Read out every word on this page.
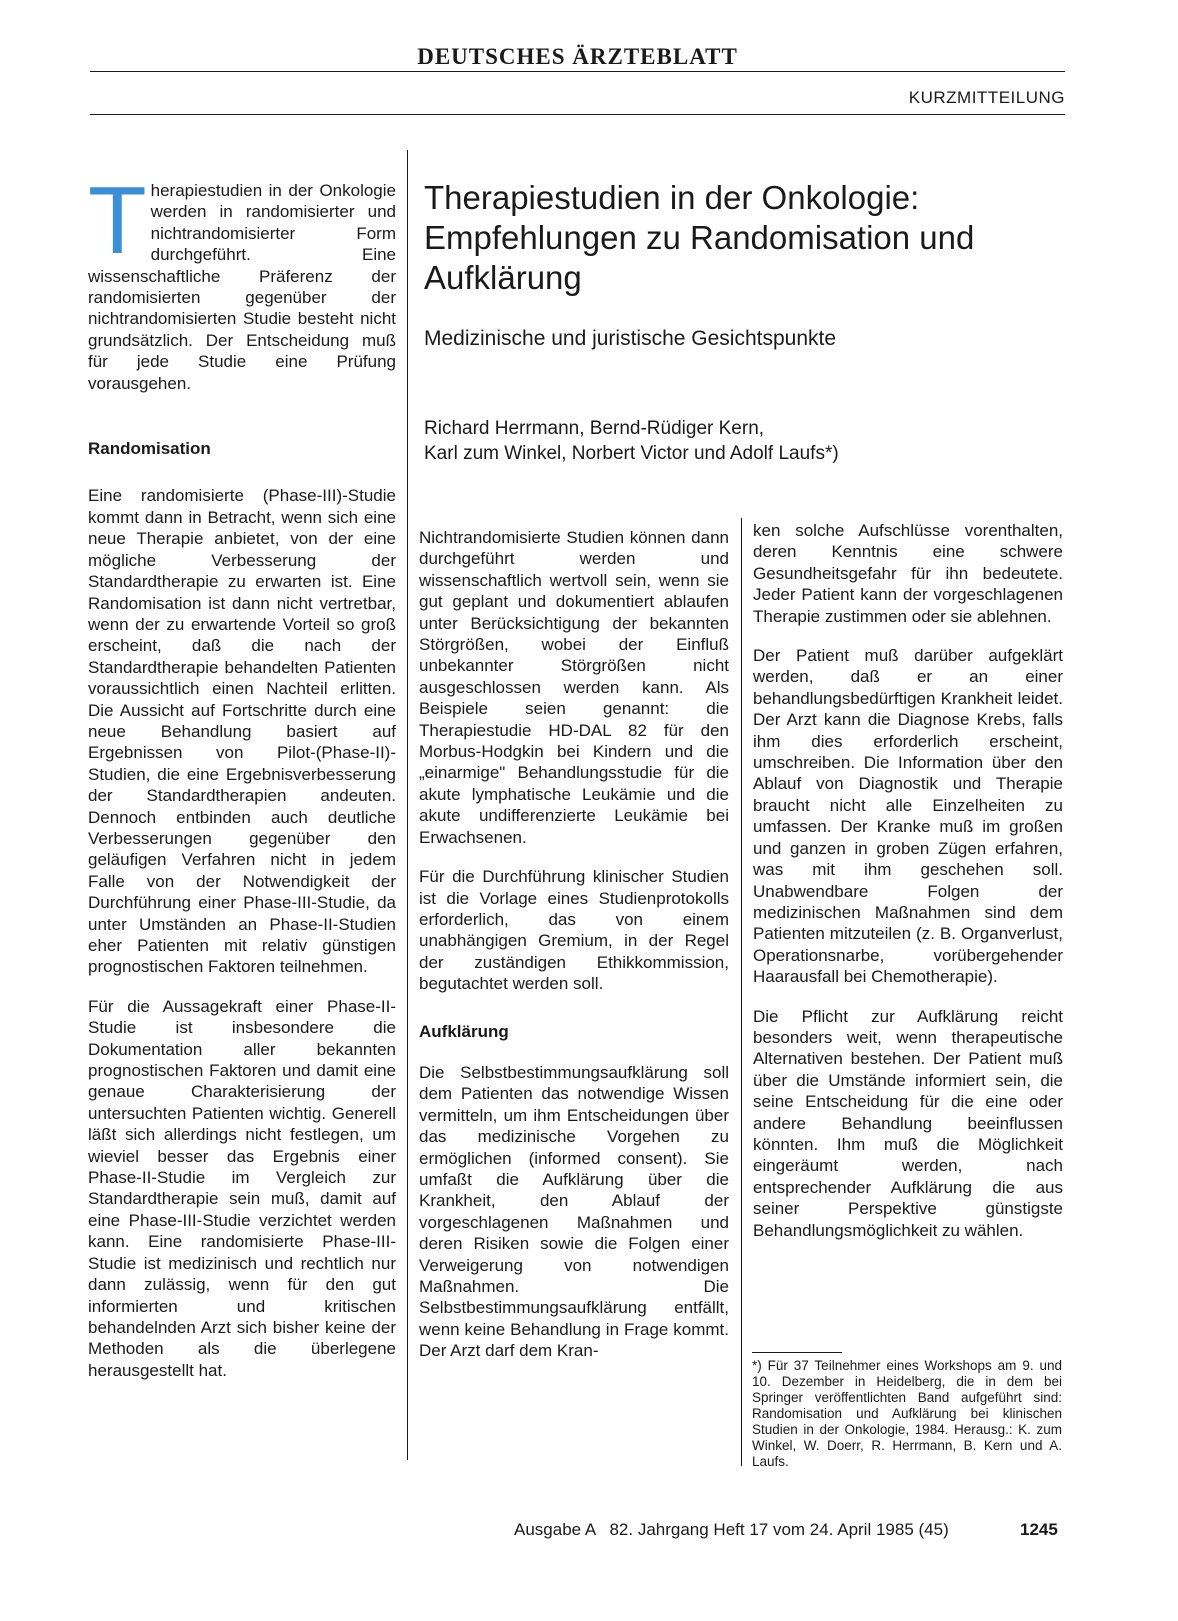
DEUTSCHES ÄRZTEBLATT
KURZMITTEILUNG

Therapiestudien in der Onkologie werden in randomisierter und nichtrandomisierter Form durchgeführt. Eine wissenschaftliche Präferenz der randomisierten gegenüber der nichtrandomisierten Studie besteht nicht grundsätzlich. Der Entscheidung muß für jede Studie eine Prüfung vorausgehen.

Randomisation

Eine randomisierte (Phase-III)-Studie kommt dann in Betracht, wenn sich eine neue Therapie anbietet, von der eine mögliche Verbesserung der Standardtherapie zu erwarten ist. Eine Randomisation ist dann nicht vertretbar, wenn der zu erwartende Vorteil so groß erscheint, daß die nach der Standardtherapie behandelten Patienten voraussichtlich einen Nachteil erlitten. Die Aussicht auf Fortschritte durch eine neue Behandlung basiert auf Ergebnissen von Pilot-(Phase-II)-Studien, die eine Ergebnisverbesserung der Standardtherapien andeuten. Dennoch entbinden auch deutliche Verbesserungen gegenüber den geläufigen Verfahren nicht in jedem Falle von der Notwendigkeit der Durchführung einer Phase-III-Studie, da unter Umständen an Phase-II-Studien eher Patienten mit relativ günstigen prognostischen Faktoren teilnehmen.

Für die Aussagekraft einer Phase-II-Studie ist insbesondere die Dokumentation aller bekannten prognostischen Faktoren und damit eine genaue Charakterisierung der untersuchten Patienten wichtig. Generell läßt sich allerdings nicht festlegen, um wieviel besser das Ergebnis einer Phase-II-Studie im Vergleich zur Standardtherapie sein muß, damit auf eine Phase-III-Studie verzichtet werden kann. Eine randomisierte Phase-III-Studie ist medizinisch und rechtlich nur dann zulässig, wenn für den gut informierten und kritischen behandelnden Arzt sich bisher keine der Methoden als die überlegene herausgestellt hat.

Therapiestudien in der Onkologie: Empfehlungen zu Randomisation und Aufklärung
Medizinische und juristische Gesichtspunkte
Richard Herrmann, Bernd-Rüdiger Kern,
Karl zum Winkel, Norbert Victor und Adolf Laufs*)

Nichtrandomisierte Studien können dann durchgeführt werden und wissenschaftlich wertvoll sein, wenn sie gut geplant und dokumentiert ablaufen unter Berücksichtigung der bekannten Störgrößen, wobei der Einfluß unbekannter Störgrößen nicht ausgeschlossen werden kann. Als Beispiele seien genannt: die Therapiestudie HD-DAL 82 für den Morbus-Hodgkin bei Kindern und die „einarmige" Behandlungsstudie für die akute lymphatische Leukämie und die akute undifferenzierte Leukämie bei Erwachsenen.

Für die Durchführung klinischer Studien ist die Vorlage eines Studienprotokolls erforderlich, das von einem unabhängigen Gremium, in der Regel der zuständigen Ethikkommission, begutachtet werden soll.

Aufklärung

Die Selbstbestimmungsaufklärung soll dem Patienten das notwendige Wissen vermitteln, um ihm Entscheidungen über das medizinische Vorgehen zu ermöglichen (informed consent). Sie umfaßt die Aufklärung über die Krankheit, den Ablauf der vorgeschlagenen Maßnahmen und deren Risiken sowie die Folgen einer Verweigerung von notwendigen Maßnahmen. Die Selbstbestimmungsaufklärung entfällt, wenn keine Behandlung in Frage kommt. Der Arzt darf dem Kran-

ken solche Aufschlüsse vorenthalten, deren Kenntnis eine schwere Gesundheitsgefahr für ihn bedeutete. Jeder Patient kann der vorgeschlagenen Therapie zustimmen oder sie ablehnen.

Der Patient muß darüber aufgeklärt werden, daß er an einer behandlungsbedürftigen Krankheit leidet. Der Arzt kann die Diagnose Krebs, falls ihm dies erforderlich erscheint, umschreiben. Die Information über den Ablauf von Diagnostik und Therapie braucht nicht alle Einzelheiten zu umfassen. Der Kranke muß im großen und ganzen in groben Zügen erfahren, was mit ihm geschehen soll. Unabwendbare Folgen der medizinischen Maßnahmen sind dem Patienten mitzuteilen (z. B. Organverlust, Operationsnarbe, vorübergehender Haarausfall bei Chemotherapie).

Die Pflicht zur Aufklärung reicht besonders weit, wenn therapeutische Alternativen bestehen. Der Patient muß über die Umstände informiert sein, die seine Entscheidung für die eine oder andere Behandlung beeinflussen könnten. Ihm muß die Möglichkeit eingeräumt werden, nach entsprechender Aufklärung die aus seiner Perspektive günstigste Behandlungsmöglichkeit zu wählen.

*) Für 37 Teilnehmer eines Workshops am 9. und 10. Dezember in Heidelberg, die in dem bei Springer veröffentlichten Band aufgeführt sind: Randomisation und Aufklärung bei klinischen Studien in der Onkologie, 1984. Herausg.: K. zum Winkel, W. Doerr, R. Herrmann, B. Kern und A. Laufs.
Ausgabe A   82. Jahrgang Heft 17 vom 24. April 1985 (45)	1245
